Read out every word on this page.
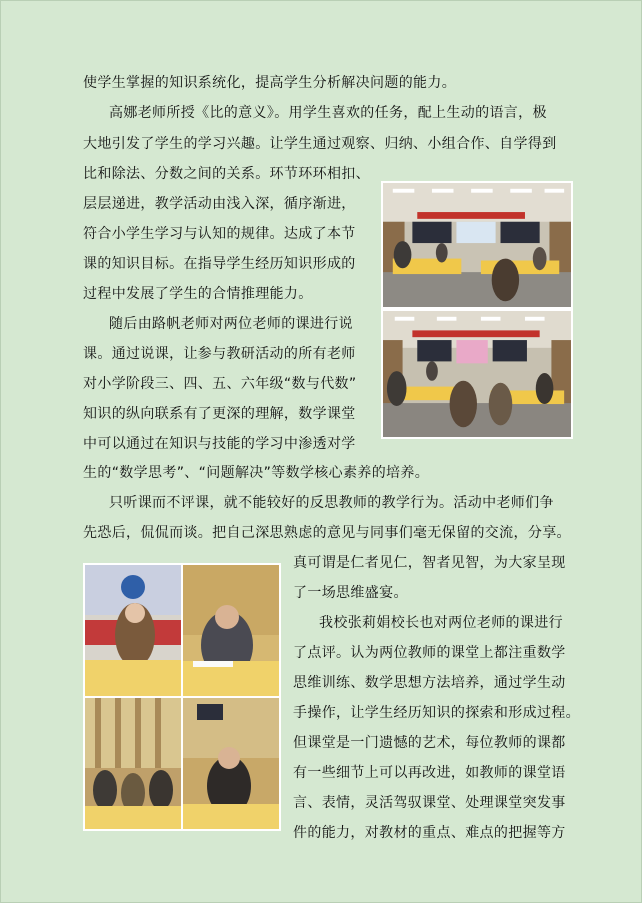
使学生掌握的知识系统化，提高学生分析解决问题的能力。
高娜老师所授《比的意义》。用学生喜欢的任务，配上生动的语言，极
大地引发了学生的学习兴趣。让学生通过观察、归纳、小组合作、自学得到
比和除法、分数之间的关系。环节环环相扣、
层层递进，教学活动由浅入深，循序渐进，
符合小学生学习与认知的规律。达成了本节
课的知识目标。在指导学生经历知识形成的
过程中发展了学生的合情推理能力。
随后由路帆老师对两位老师的课进行说
课。通过说课，让参与教研活动的所有老师
对小学阶段三、四、五、六年级“数与代数”
知识的纵向联系有了更深的理解，数学课堂
中可以通过在知识与技能的学习中渗透对学
生的“数学思考”、“问题解决”等数学核心素养的培养。
只听课而不评课，就不能较好的反思教师的教学行为。活动中老师们争
先恐后，侃侃而谈。把自己深思熟虑的意见与同事们毫无保留的交流，分享。
真可谓是仁者见仁，智者见智，为大家呈现
了一场思维盛宴。
我校张莉娟校长也对两位老师的课进行
了点评。认为两位教师的课堂上都注重数学
思维训练、数学思想方法培养，通过学生动
手操作，让学生经历知识的探索和形成过程。
但课堂是一门遗憾的艺术，每位教师的课都
有一些细节上可以再改进，如教师的课堂语
言、表情，灵活驾驭课堂、处理课堂突发事
件的能力，对教材的重点、难点的把握等方
